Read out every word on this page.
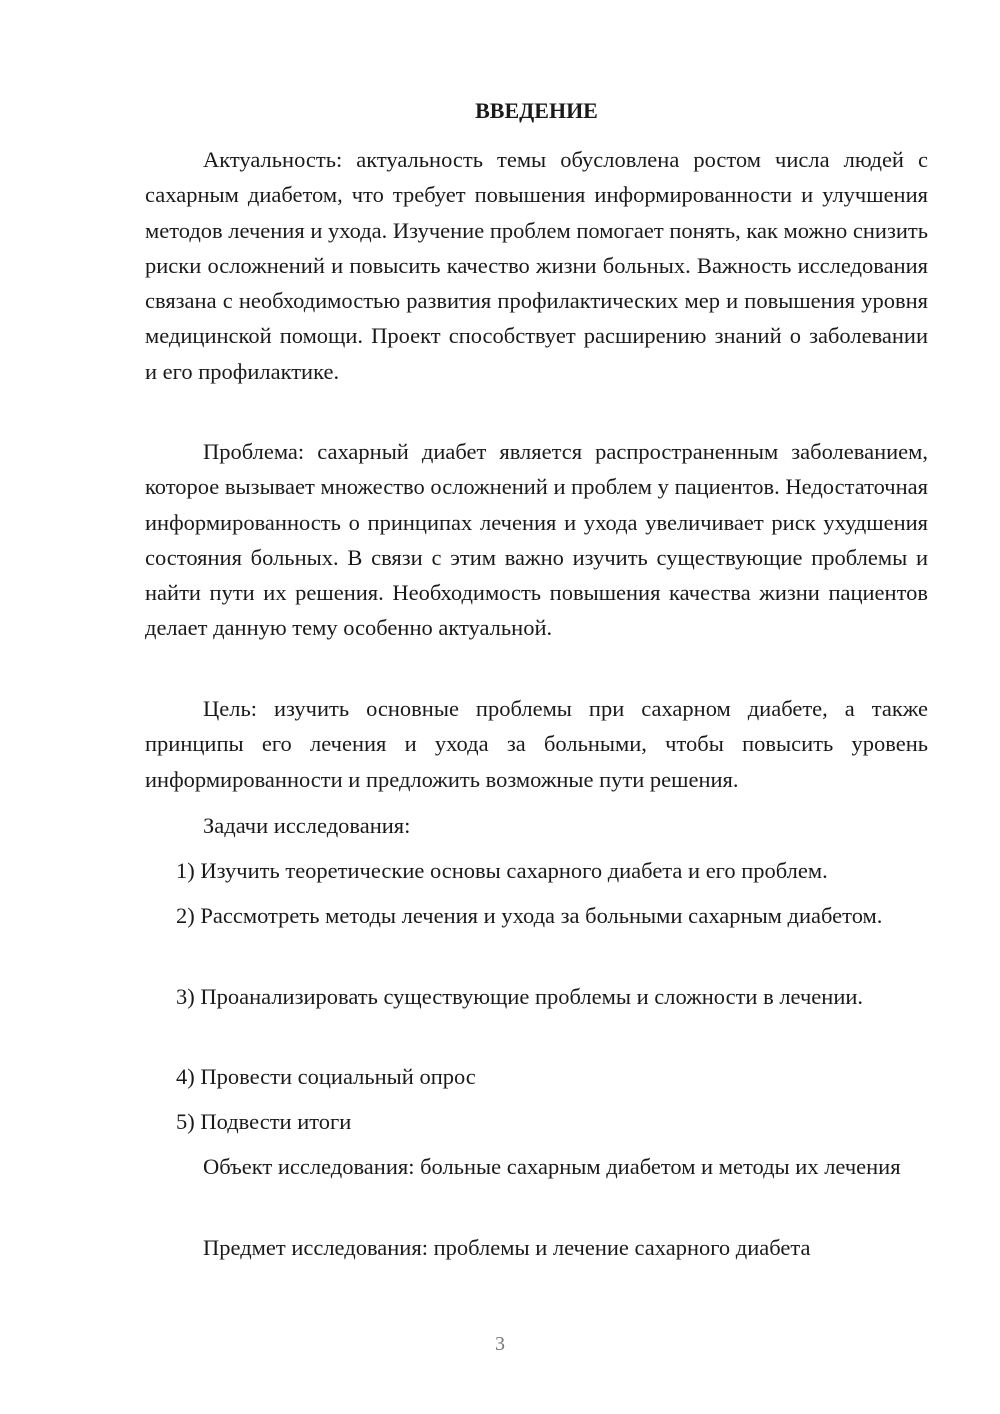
ВВЕДЕНИЕ

Актуальность: актуальность темы обусловлена ростом числа людей с сахарным диабетом, что требует повышения информированности и улучшения методов лечения и ухода. Изучение проблем помогает понять, как можно снизить риски осложнений и повысить качество жизни больных. Важность исследования связана с необходимостью развития профилактических мер и повышения уровня медицинской помощи. Проект способствует расширению знаний о заболевании и его профилактике.

Проблема: сахарный диабет является распространенным заболеванием, которое вызывает множество осложнений и проблем у пациентов. Недостаточная информированность о принципах лечения и ухода увеличивает риск ухудшения состояния больных. В связи с этим важно изучить существующие проблемы и найти пути их решения. Необходимость повышения качества жизни пациентов делает данную тему особенно актуальной.

Цель: изучить основные проблемы при сахарном диабете, а также принципы его лечения и ухода за больными, чтобы повысить уровень информированности и предложить возможные пути решения.

Задачи исследования:

1) Изучить теоретические основы сахарного диабета и его проблем.

2) Рассмотреть методы лечения и ухода за больными сахарным диабетом.

3) Проанализировать существующие проблемы и сложности в лечении.

4) Провести социальный опрос

5) Подвести итоги

Объект исследования: больные сахарным диабетом и методы их лечения

Предмет исследования: проблемы и лечение сахарного диабета

3
